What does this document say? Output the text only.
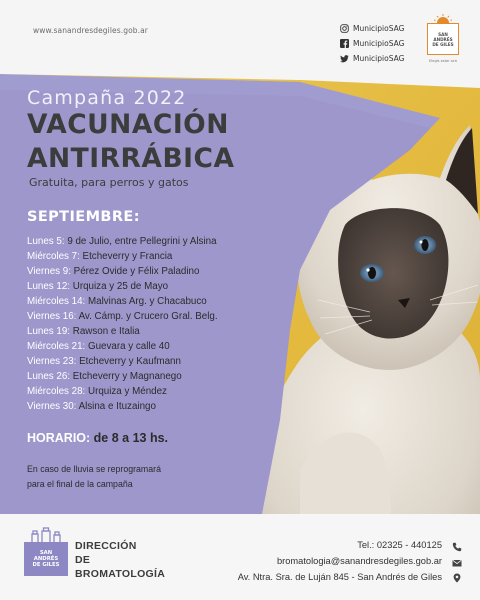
www.sanandresdegiles.gob.ar	MunicipioSAG
MunicipioSAG
MunicipioSAG
SAN
ANDRÉS
DE GILES
Elegís estar acá
Campaña 2022
VACUNACIÓN
ANTIRRÁBICA
Gratuita, para perros y gatos
SEPTIEMBRE:
Lunes 5: 9 de Julio, entre Pellegrini y Alsina
Miércoles 7: Etcheverry y Francia
Viernes 9: Pérez Ovide y Félix Paladino
Lunes 12: Urquiza y 25 de Mayo
Miércoles 14: Malvinas Arg. y Chacabuco
Viernes 16: Av. Cámp. y Crucero Gral. Belg.
Lunes 19: Rawson e Italia
Miércoles 21: Guevara y calle 40
Viernes 23: Etcheverry y Kaufmann
Lunes 26: Etcheverry y Magnanego
Miércoles 28: Urquiza y Méndez
Viernes 30: Alsina e Ituzaingo
HORARIO: de 8 a 13 hs.
En caso de lluvia se reprogramará
para el final de la campaña
SAN
ANDRÉS
DE GILES
DIRECCIÓN
DE
BROMATOLOGÍA
Tel.: 02325 - 440125
bromatologia@sanandresdegiles.gob.ar
Av. Ntra. Sra. de Luján 845 - San Andrés de Giles
